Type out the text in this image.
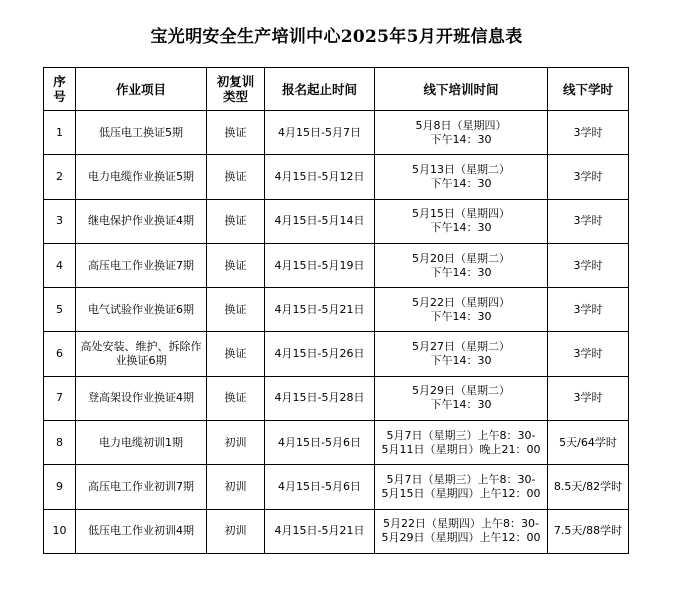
宝光明安全生产培训中心2025年5月开班信息表
序号	作业项目	初复训类型	报名起止时间	线下培训时间	线下学时
1	低压电工换证5期	换证	4月15日-5月7日	5月8日（星期四）
下午14：30	3学时
2	电力电缆作业换证5期	换证	4月15日-5月12日	5月13日（星期二）
下午14：30	3学时
3	继电保护作业换证4期	换证	4月15日-5月14日	5月15日（星期四）
下午14：30	3学时
4	高压电工作业换证7期	换证	4月15日-5月19日	5月20日（星期二）
下午14：30	3学时
5	电气试验作业换证6期	换证	4月15日-5月21日	5月22日（星期四）
下午14：30	3学时
6	高处安装、维护、拆除作业换证6期	换证	4月15日-5月26日	5月27日（星期二）
下午14：30	3学时
7	登高架设作业换证4期	换证	4月15日-5月28日	5月29日（星期二）
下午14：30	3学时
8	电力电缆初训1期	初训	4月15日-5月6日	5月7日（星期三）上午8：30-
5月11日（星期日）晚上21：00	5天/64学时
9	高压电工作业初训7期	初训	4月15日-5月6日	5月7日（星期三）上午8：30-
5月15日（星期四）上午12：00	8.5天/82学时
10	低压电工作业初训4期	初训	4月15日-5月21日	5月22日（星期四）上午8：30-
5月29日（星期四）上午12：00	7.5天/88学时
